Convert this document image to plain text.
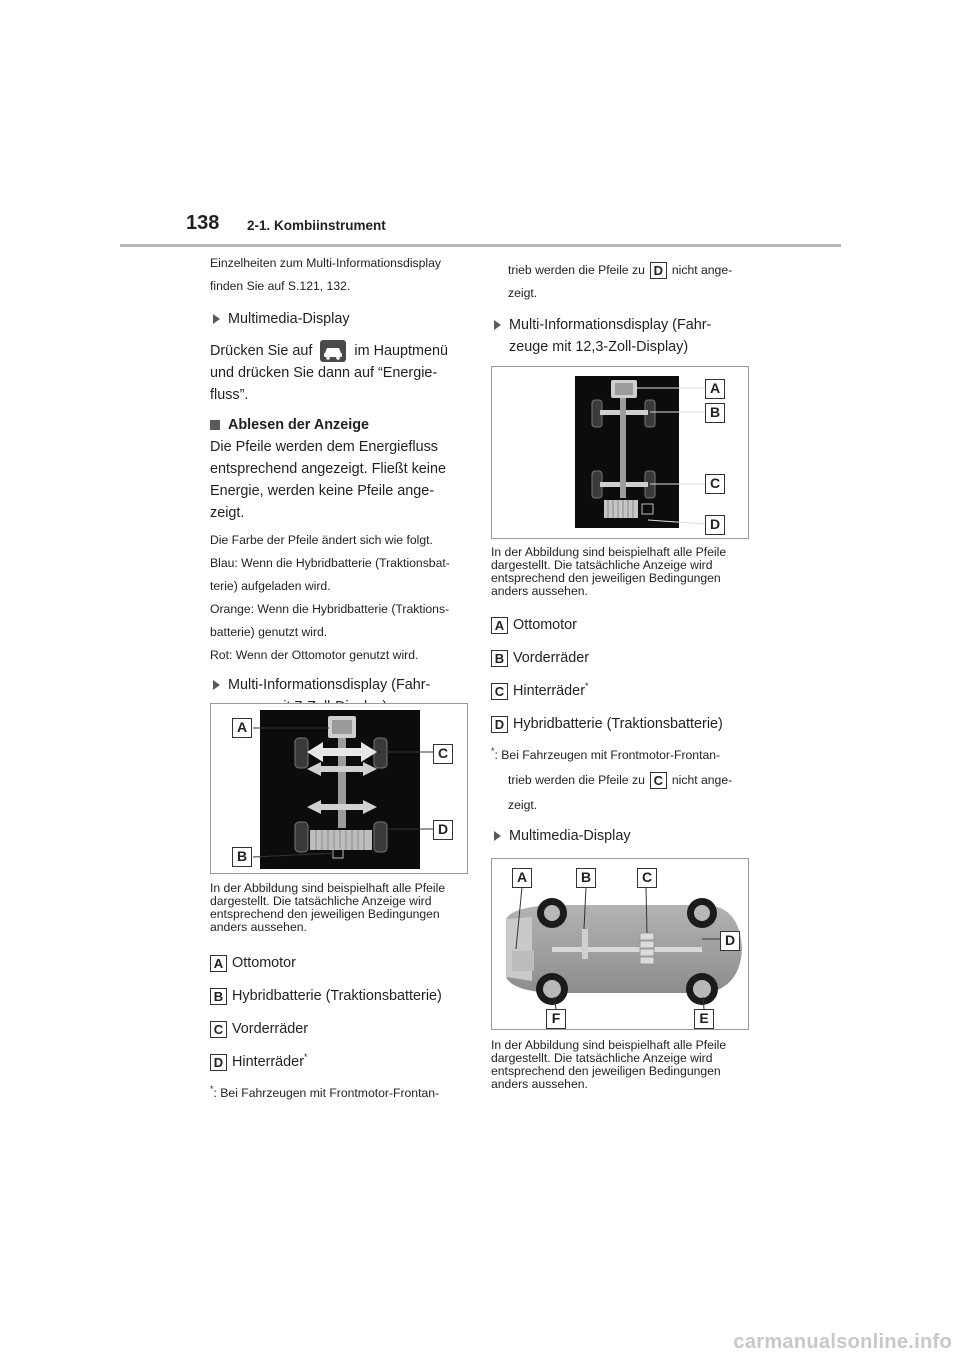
138 2-1. Kombiinstrument
Einzelheiten zum Multi-Informationsdisplay
finden Sie auf S.121, 132.
Multimedia-Display
Drücken Sie auf	im Hauptmenü
und drücken Sie dann auf “Energie-
fluss”.
Ablesen der Anzeige
Die Pfeile werden dem Energiefluss
entsprechend angezeigt. Fließt keine
Energie, werden keine Pfeile ange-
zeigt.
Die Farbe der Pfeile ändert sich wie folgt.
Blau: Wenn die Hybridbatterie (Traktionsbat-
terie) aufgeladen wird.
Orange: Wenn die Hybridbatterie (Traktions-
batterie) genutzt wird.
Rot: Wenn der Ottomotor genutzt wird.
Multi-Informationsdisplay (Fahr-
A
C
D
B
In der Abbildung sind beispielhaft alle Pfeile
dargestellt. Die tatsächliche Anzeige wird
entsprechend den jeweiligen Bedingungen
anders aussehen.
A Ottomotor
B Hybridbatterie (Traktionsbatterie)
C Vorderräder
D Hinterräder*
*: Bei Fahrzeugen mit Frontmotor-Frontan-
trieb werden die Pfeile zu D nicht ange-
zeigt.
Multi-Informationsdisplay (Fahr-
zeuge mit 12,3-Zoll-Display)
A
B
C
D
In der Abbildung sind beispielhaft alle Pfeile
dargestellt. Die tatsächliche Anzeige wird
entsprechend den jeweiligen Bedingungen
anders aussehen.
A Ottomotor
B Vorderräder
C Hinterräder*
D Hybridbatterie (Traktionsbatterie)
*: Bei Fahrzeugen mit Frontmotor-Frontan-
trieb werden die Pfeile zu C nicht ange-
zeigt.
Multimedia-Display
A	B	C
D
F	E
In der Abbildung sind beispielhaft alle Pfeile
dargestellt. Die tatsächliche Anzeige wird
entsprechend den jeweiligen Bedingungen
anders aussehen.
carmanualsonline.info
